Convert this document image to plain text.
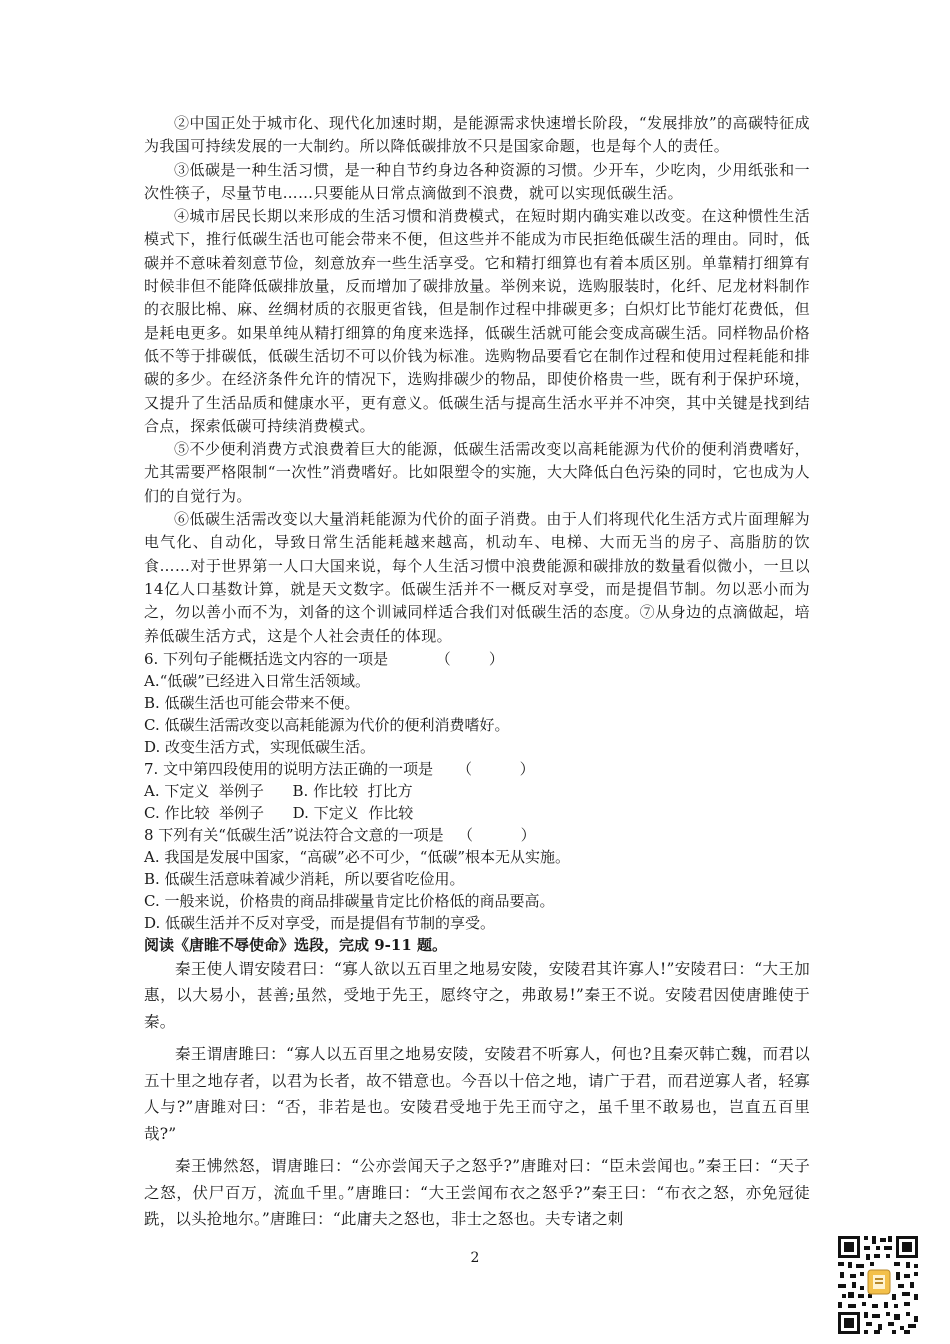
②中国正处于城市化、现代化加速时期，是能源需求快速增长阶段，“发展排放”的高碳特征成为我国可持续发展的一大制约。所以降低碳排放不只是国家命题，也是每个人的责任。

③低碳是一种生活习惯，是一种自节约身边各种资源的习惯。少开车，少吃肉，少用纸张和一次性筷子，尽量节电……只要能从日常点滴做到不浪费，就可以实现低碳生活。

④城市居民长期以来形成的生活习惯和消费模式，在短时期内确实难以改变。在这种惯性生活模式下，推行低碳生活也可能会带来不便，但这些并不能成为市民拒绝低碳生活的理由。同时，低碳并不意味着刻意节俭，刻意放弃一些生活享受。它和精打细算也有着本质区别。单靠精打细算有时候非但不能降低碳排放量，反而增加了碳排放量。举例来说，选购服装时，化纤、尼龙材料制作的衣服比棉、麻、丝绸材质的衣服更省钱，但是制作过程中排碳更多；白炽灯比节能灯花费低，但是耗电更多。如果单纯从精打细算的角度来选择，低碳生活就可能会变成高碳生活。同样物品价格低不等于排碳低，低碳生活切不可以价钱为标准。选购物品要看它在制作过程和使用过程耗能和排碳的多少。在经济条件允许的情况下，选购排碳少的物品，即使价格贵一些，既有利于保护环境，又提升了生活品质和健康水平，更有意义。低碳生活与提高生活水平并不冲突，其中关键是找到结合点，探索低碳可持续消费模式。

⑤不少便利消费方式浪费着巨大的能源，低碳生活需改变以高耗能源为代价的便利消费嗜好，尤其需要严格限制“一次性”消费嗜好。比如限塑令的实施，大大降低白色污染的同时，它也成为人们的自觉行为。

⑥低碳生活需改变以大量消耗能源为代价的面子消费。由于人们将现代化生活方式片面理解为电气化、自动化，导致日常生活能耗越来越高，机动车、电梯、大而无当的房子、高脂肪的饮食……对于世界第一人口大国来说，每个人生活习惯中浪费能源和碳排放的数量看似微小，一旦以14亿人口基数计算，就是天文数字。低碳生活并不一概反对享受，而是提倡节制。勿以恶小而为之，勿以善小而不为，刘备的这个训诫同样适合我们对低碳生活的态度。⑦从身边的点滴做起，培养低碳生活方式，这是个人社会责任的体现。

6. 下列句子能概括选文内容的一项是	（        ）

A.“低碳”已经进入日常生活领域。

B. 低碳生活也可能会带来不便。

C. 低碳生活需改变以高耗能源为代价的便利消费嗜好。

D. 改变生活方式，实现低碳生活。

7. 文中第四段使用的说明方法正确的一项是 （          ）

A. 下定义  举例子 B. 作比较  打比方

C. 作比较  举例子 D. 下定义  作比较

8 下列有关“低碳生活”说法符合文意的一项是 （          ）

A. 我国是发展中国家，“高碳”必不可少，“低碳”根本无从实施。

B. 低碳生活意味着减少消耗，所以要省吃俭用。

C. 一般来说，价格贵的商品排碳量肯定比价格低的商品要高。

D. 低碳生活并不反对享受，而是提倡有节制的享受。

阅读《唐睢不辱使命》选段，完成 9-11 题。

秦王使人谓安陵君曰：“寡人欲以五百里之地易安陵，安陵君其许寡人!”安陵君曰：“大王加惠，以大易小，甚善;虽然，受地于先王，愿终守之，弗敢易!”秦王不说。安陵君因使唐雎使于秦。

秦王谓唐雎曰：“寡人以五百里之地易安陵，安陵君不听寡人，何也?且秦灭韩亡魏，而君以五十里之地存者，以君为长者，故不错意也。今吾以十倍之地，请广于君，而君逆寡人者，轻寡人与?”唐雎对曰：“否，非若是也。安陵君受地于先王而守之，虽千里不敢易也，岂直五百里哉?”

秦王怫然怒，谓唐雎曰：“公亦尝闻天子之怒乎?”唐雎对曰：“臣未尝闻也。”秦王曰：“天子之怒，伏尸百万，流血千里。”唐雎曰：“大王尝闻布衣之怒乎?”秦王曰：“布衣之怒，亦免冠徒跣，以头抢地尔。”唐雎曰：“此庸夫之怒也，非士之怒也。夫专诸之刺

2
